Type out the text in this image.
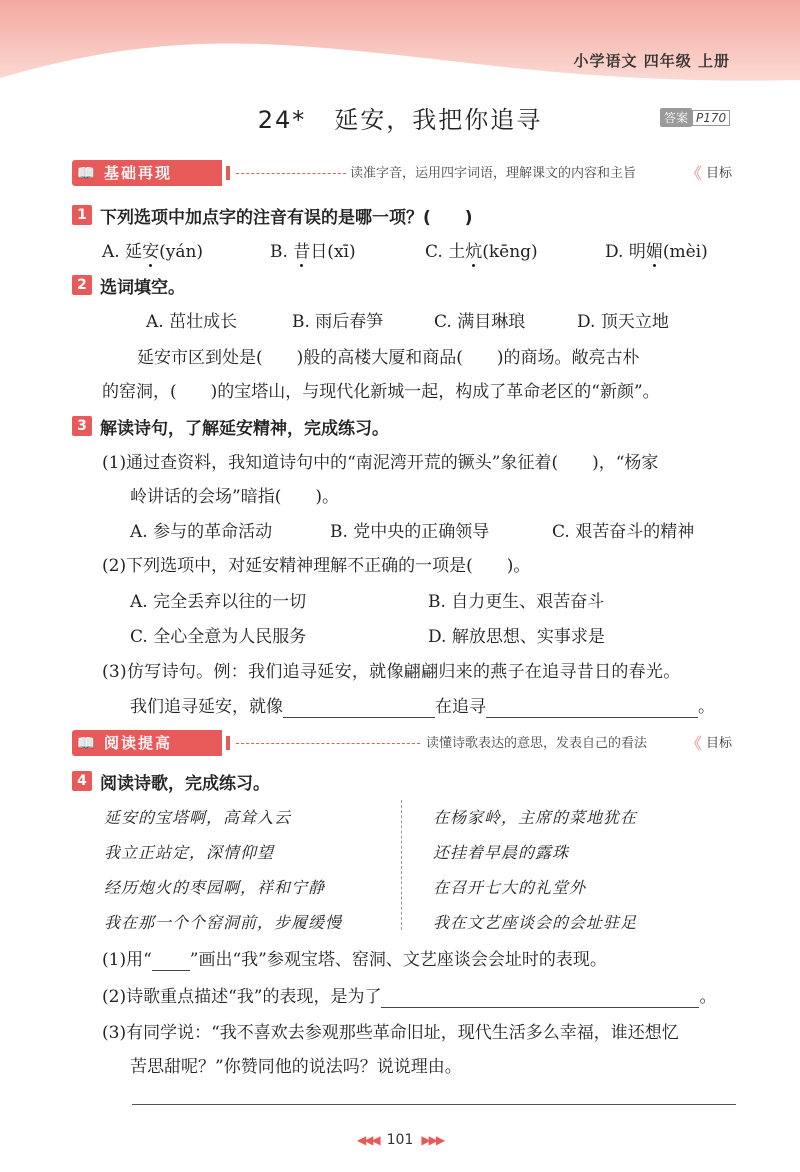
小学语文 四年级 上册
24* 延安，我把你追寻	答案 P170
📖 基础再现	读准字音，运用四字词语，理解课文的内容和主旨	《 目标
1 下列选项中加点字的注音有误的是哪一项？(　　)
A. 延安(yán)	B. 昔日(xī)	C. 土炕(kēng)	D. 明媚(mèi)
2 选词填空。
A. 茁壮成长	B. 雨后春笋	C. 满目琳琅	D. 顶天立地
延安市区到处是(　　)般的高楼大厦和商品(　　)的商场。敞亮古朴
的窑洞，(　　)的宝塔山，与现代化新城一起，构成了革命老区的“新颜”。
3 解读诗句，了解延安精神，完成练习。
(1)通过查资料，我知道诗句中的“南泥湾开荒的镢头”象征着(　　)，“杨家
岭讲话的会场”暗指(　　)。
A. 参与的革命活动	B. 党中央的正确领导	C. 艰苦奋斗的精神
(2)下列选项中，对延安精神理解不正确的一项是(　　)。
A. 完全丢弃以往的一切	B. 自力更生、艰苦奋斗
C. 全心全意为人民服务	D. 解放思想、实事求是
(3)仿写诗句。例：我们追寻延安，就像翩翩归来的燕子在追寻昔日的春光。
我们追寻延安，就像	在追寻	。
📖 阅读提高	读懂诗歌表达的意思，发表自己的看法 《 目标
4 阅读诗歌，完成练习。
延安的宝塔啊，高耸入云
我立正站定，深情仰望
经历炮火的枣园啊，祥和宁静
我在那一个个窑洞前，步履缓慢
在杨家岭，主席的菜地犹在
还挂着早晨的露珠
在召开七大的礼堂外
我在文艺座谈会的会址驻足
(1)用“ ”画出“我”参观宝塔、窑洞、文艺座谈会会址时的表现。
(2)诗歌重点描述“我”的表现，是为了	。
(3)有同学说：“我不喜欢去参观那些革命旧址，现代生活多么幸福，谁还想忆
苦思甜呢？”你赞同他的说法吗？说说理由。
◀◀◀ 101 ▶▶▶
